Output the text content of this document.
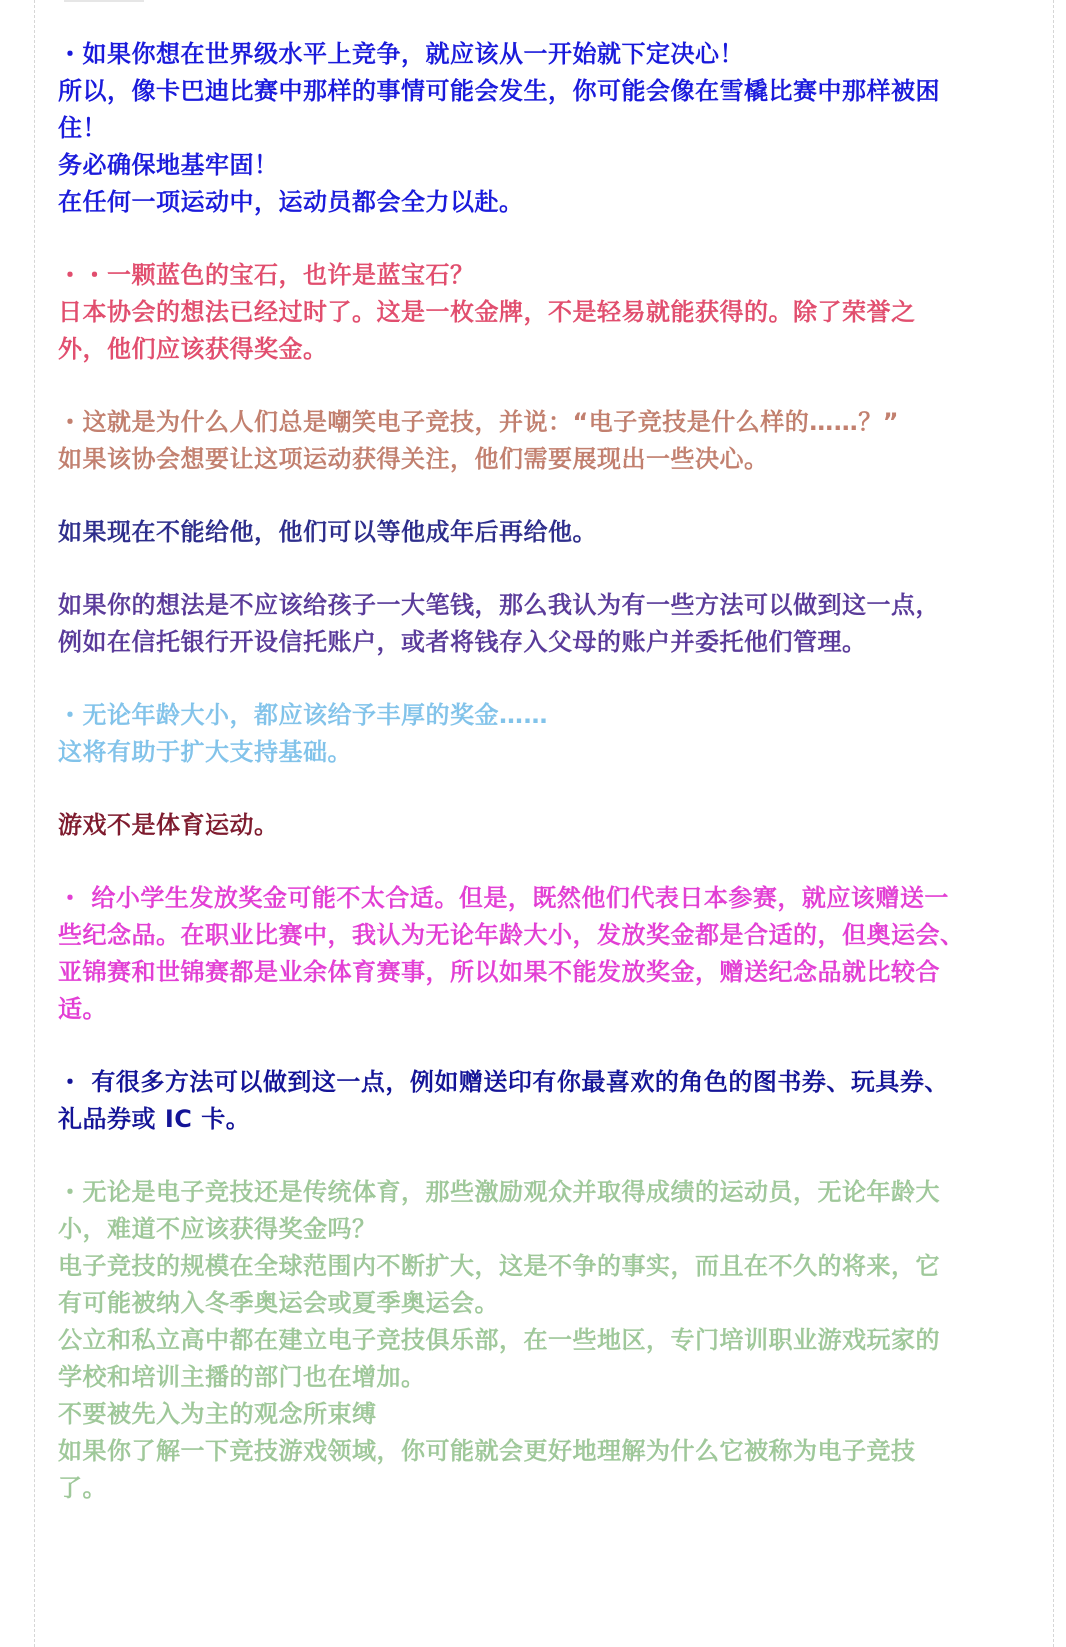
・如果你想在世界级水平上竞争，就应该从一开始就下定决心！
所以，像卡巴迪比赛中那样的事情可能会发生，你可能会像在雪橇比赛中那样被困
住！
务必确保地基牢固！
在任何一项运动中，运动员都会全力以赴。
・・一颗蓝色的宝石，也许是蓝宝石？
日本协会的想法已经过时了。这是一枚金牌，不是轻易就能获得的。除了荣誉之
外，他们应该获得奖金。
・这就是为什么人们总是嘲笑电子竞技，并说：“电子竞技是什么样的……？”
如果该协会想要让这项运动获得关注，他们需要展现出一些决心。
如果现在不能给他，他们可以等他成年后再给他。
如果你的想法是不应该给孩子一大笔钱，那么我认为有一些方法可以做到这一点，
例如在信托银行开设信托账户，或者将钱存入父母的账户并委托他们管理。
・无论年龄大小，都应该给予丰厚的奖金……
这将有助于扩大支持基础。
游戏不是体育运动。
・ 给小学生发放奖金可能不太合适。但是，既然他们代表日本参赛，就应该赠送一
些纪念品。在职业比赛中，我认为无论年龄大小，发放奖金都是合适的，但奥运会、
亚锦赛和世锦赛都是业余体育赛事，所以如果不能发放奖金，赠送纪念品就比较合
适。
・ 有很多方法可以做到这一点，例如赠送印有你最喜欢的角色的图书券、玩具券、
礼品券或 IC 卡。
・无论是电子竞技还是传统体育，那些激励观众并取得成绩的运动员，无论年龄大
小，难道不应该获得奖金吗？
电子竞技的规模在全球范围内不断扩大，这是不争的事实，而且在不久的将来，它
有可能被纳入冬季奥运会或夏季奥运会。
公立和私立高中都在建立电子竞技俱乐部，在一些地区，专门培训职业游戏玩家的
学校和培训主播的部门也在增加。
不要被先入为主的观念所束缚
如果你了解一下竞技游戏领域，你可能就会更好地理解为什么它被称为电子竞技
了。
